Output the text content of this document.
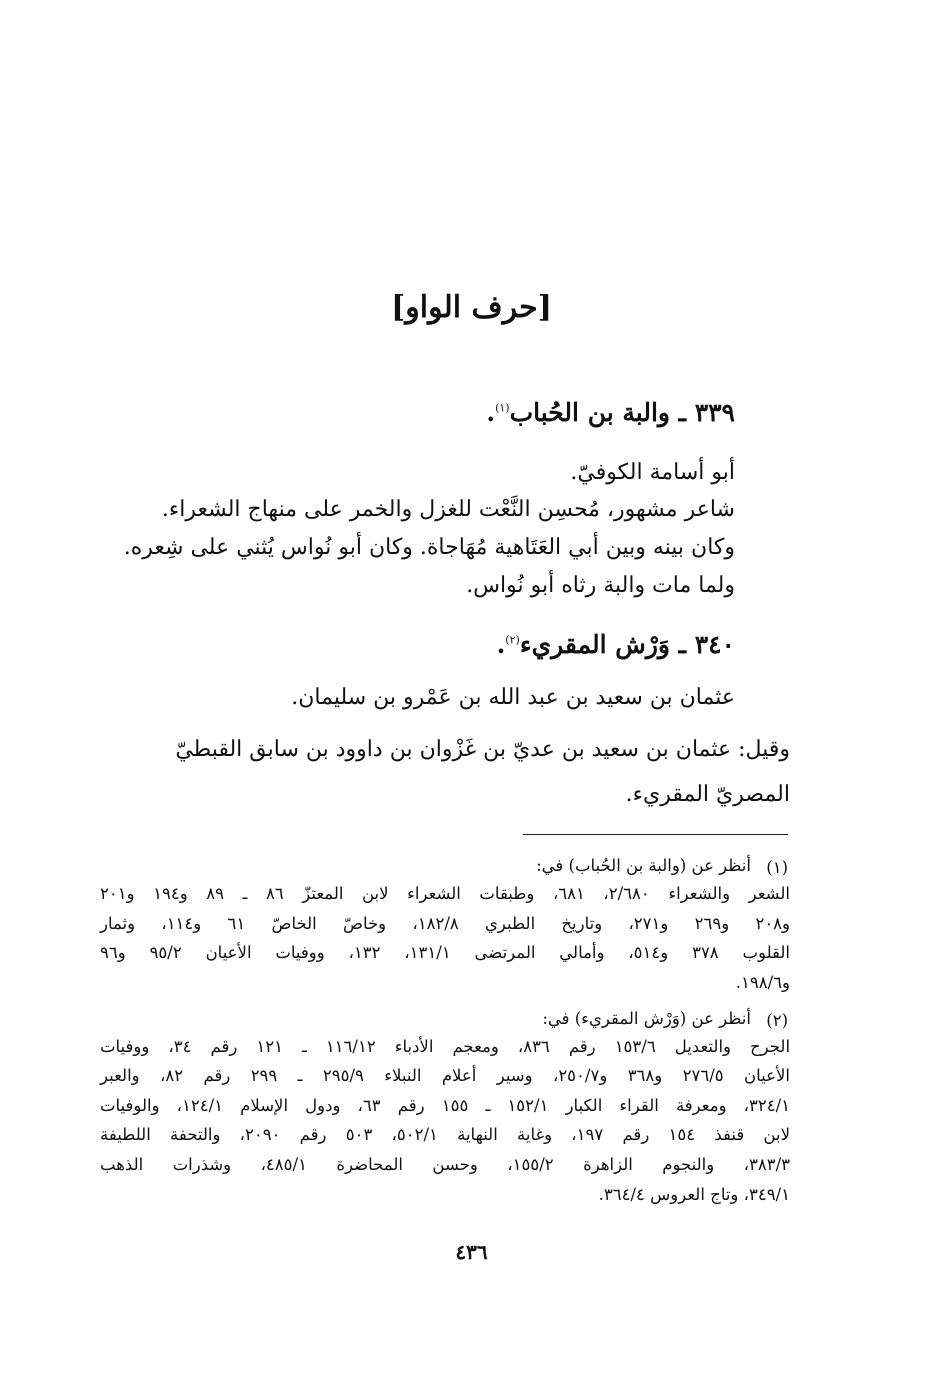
[حرف الواو]
٣٣٩ ـ والبة بن الحُباب$^{(١)}$.
أبو أسامة الكوفيّ.
شاعر مشهور، مُحسِن النَّعْت للغزل والخمر على منهاج الشعراء.
وكان بينه وبين أبي العَتَاهية مُهَاجاة. وكان أبو نُواس يُثني على شِعره.
ولما مات والبة رثاه أبو نُواس.
٣٤٠ ـ وَرْش المقريء$^{(٢)}$.
عثمان بن سعيد بن عبد الله بن عَمْرو بن سليمان.
وقيل: عثمان بن سعيد بن عديّ بن غَزْوان بن داوود بن سابق القبطيّ
المصريّ المقريء.
(١)
أنظر عن (والبة بن الحُباب) في:
الشعر والشعراء ٢/٦٨٠، ٦٨١، وطبقات الشعراء لابن المعتزّ ٨٦ ـ ٨٩ و١٩٤ و٢٠١
و٢٠٨ و٢٦٩ و٢٧١، وتاريخ الطبري ١٨٢/٨، وخاصّ الخاصّ ٦١ و١١٤، وثمار
القلوب ٣٧٨ و٥١٤، وأمالي المرتضى ١٣١/١، ١٣٢، ووفيات الأعيان ٩٥/٢ و٩٦
و١٩٨/٦.
(٢)
أنظر عن (وَرْش المقريء) في:
الجرح والتعديل ١٥٣/٦ رقم ٨٣٦، ومعجم الأدباء ١١٦/١٢ ـ ١٢١ رقم ٣٤، ووفيات
الأعيان ٢٧٦/٥ و٣٦٨ و٢٥٠/٧، وسير أعلام النبلاء ٢٩٥/٩ ـ ٢٩٩ رقم ٨٢، والعبر
٣٢٤/١، ومعرفة القراء الكبار ١٥٢/١ ـ ١٥٥ رقم ٦٣، ودول الإسلام ١٢٤/١، والوفيات
لابن قنفذ ١٥٤ رقم ١٩٧، وغاية النهاية ٥٠٢/١، ٥٠٣ رقم ٢٠٩٠، والتحفة اللطيفة
٣٨٣/٣، والنجوم الزاهرة ١٥٥/٢، وحسن المحاضرة ٤٨٥/١، وشذرات الذهب
٣٤٩/١، وتاج العروس ٣٦٤/٤.
٤٣٦
